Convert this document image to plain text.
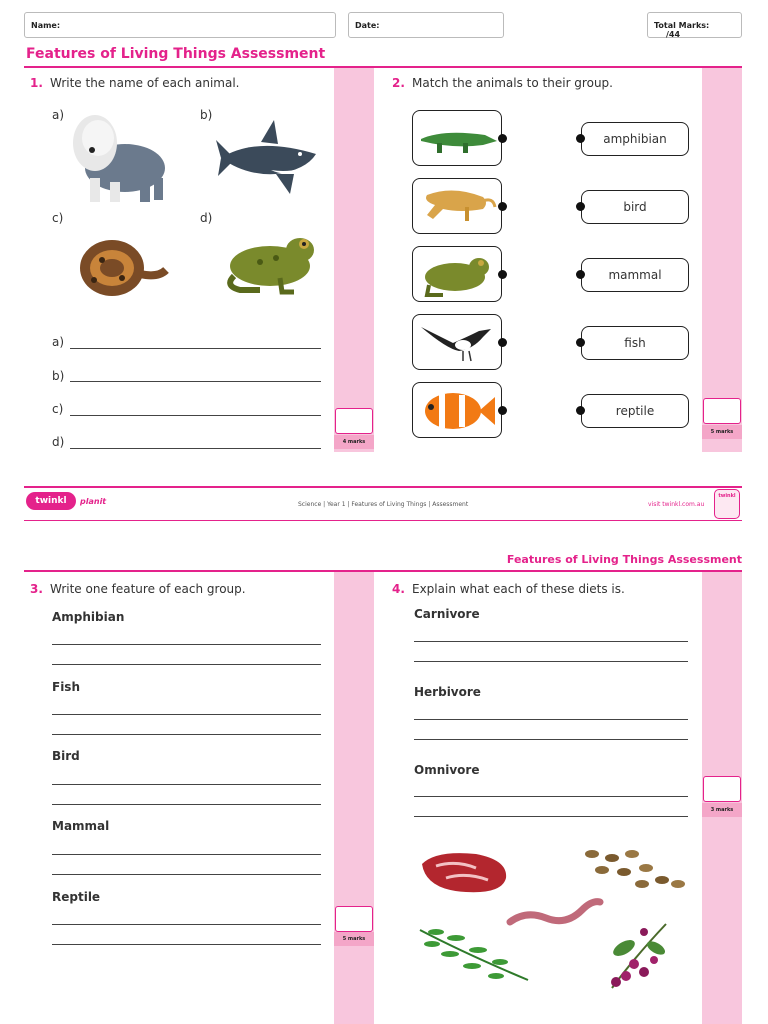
Name:	Date:	Total Marks: /44
Features of Living Things Assessment
4 marks
5 marks
1. Write the name of each animal.
a)	b)
c)	d)
a)
b)
c)
d)
2. Match the animals to their group.
amphibian
bird
mammal
fish
reptile
twinkl	planit	Science | Year 1 | Features of Living Things | Assessment	visit twinkl.com.au
twinkl
Features of Living Things Assessment
5 marks
3 marks
3. Write one feature of each group.
Amphibian
Fish
Bird
Mammal
Reptile
4. Explain what each of these diets is.
Carnivore
Herbivore
Omnivore
